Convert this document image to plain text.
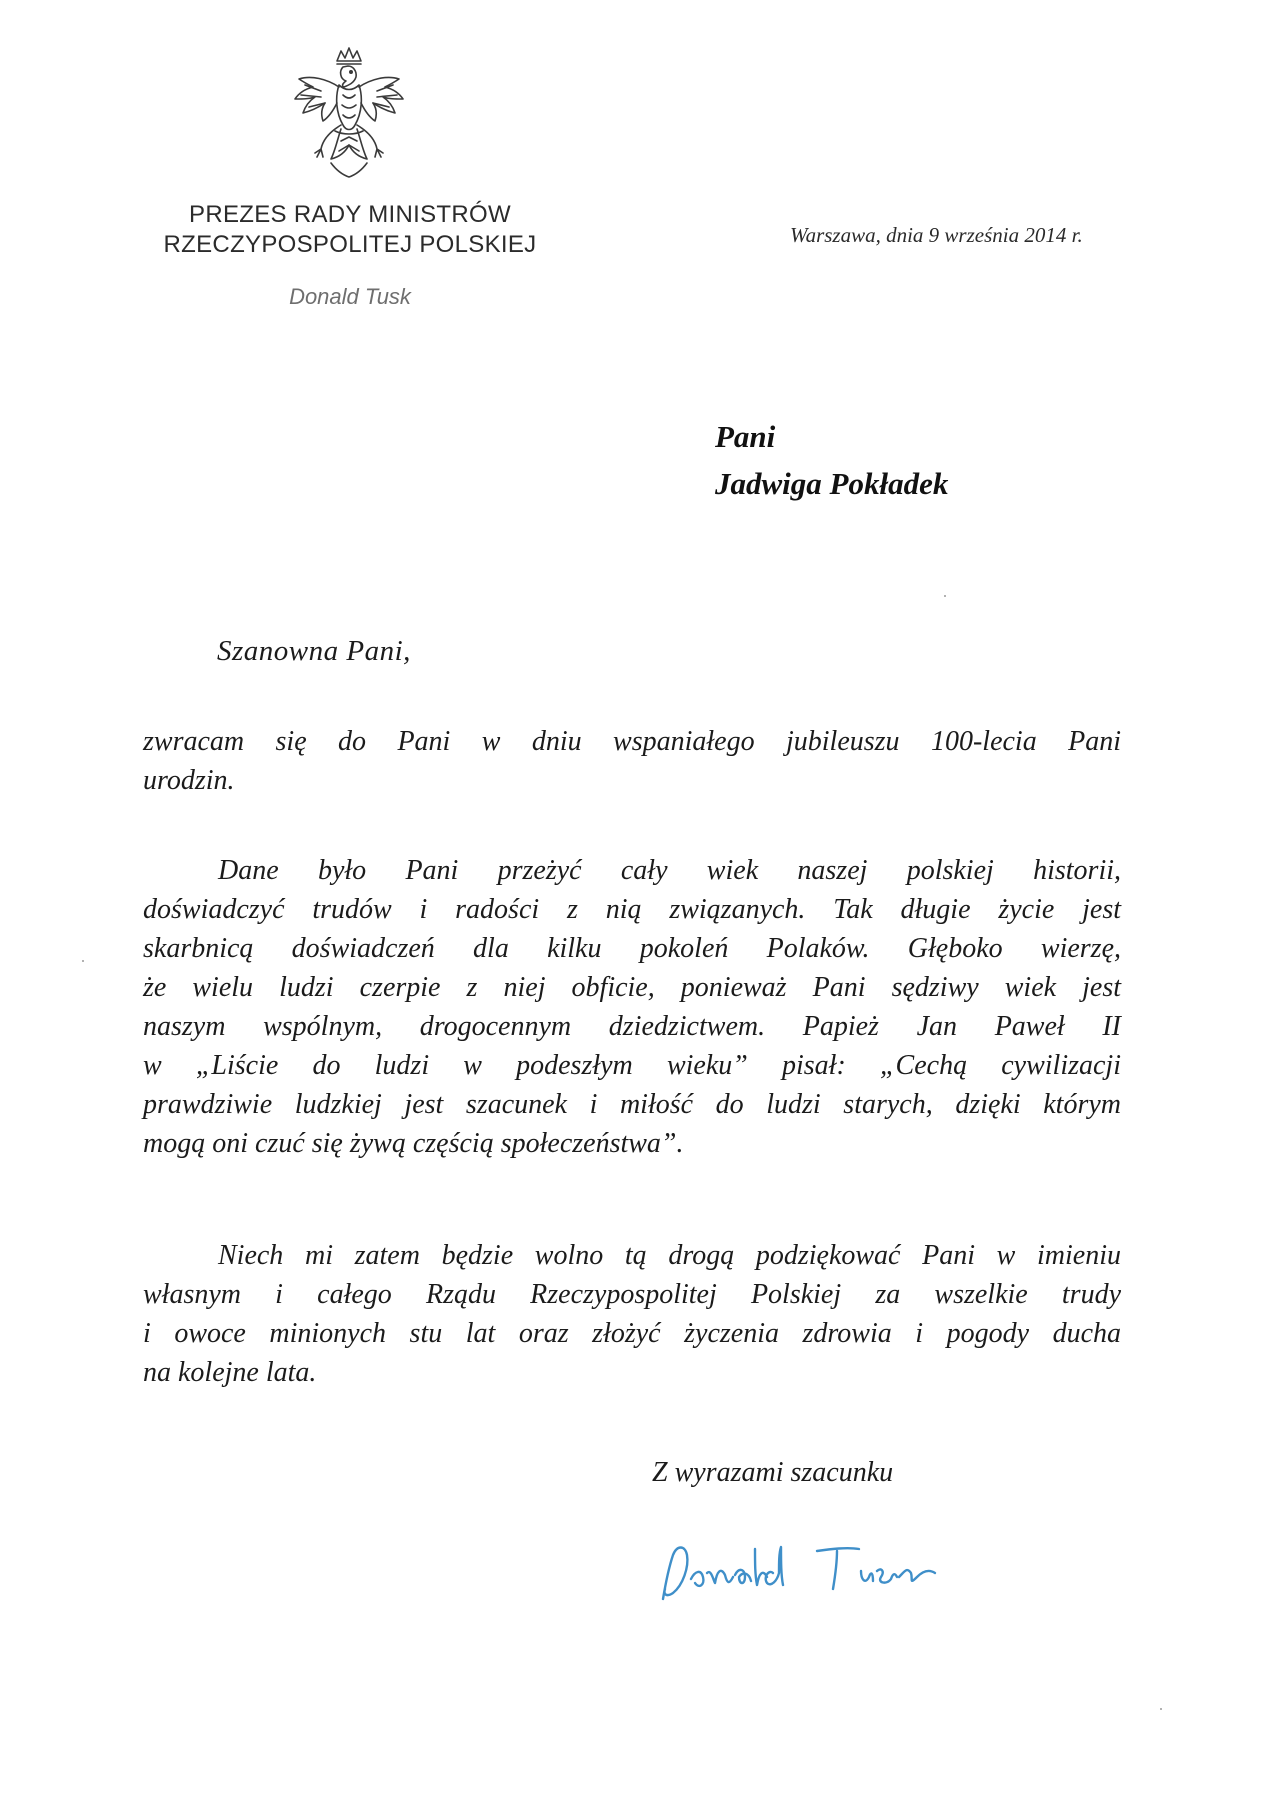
PREZES RADY MINISTRÓW
RZECZYPOSPOLITEJ POLSKIEJ
Donald Tusk
Warszawa, dnia 9 września 2014 r.
Pani
Jadwiga Pokładek
Szanowna Pani,
zwracam się do Pani w dniu wspaniałego jubileuszu 100-lecia Pani
urodzin.
Dane było Pani przeżyć cały wiek naszej polskiej historii,
doświadczyć trudów i radości z nią związanych. Tak długie życie jest
skarbnicą doświadczeń dla kilku pokoleń Polaków. Głęboko wierzę,
że wielu ludzi czerpie z niej obficie, ponieważ Pani sędziwy wiek jest
naszym wspólnym, drogocennym dziedzictwem. Papież Jan Paweł II
w „Liście do ludzi w podeszłym wieku” pisał: „Cechą cywilizacji
prawdziwie ludzkiej jest szacunek i miłość do ludzi starych, dzięki którym
mogą oni czuć się żywą częścią społeczeństwa”.
Niech mi zatem będzie wolno tą drogą podziękować Pani w imieniu
własnym i całego Rządu Rzeczypospolitej Polskiej za wszelkie trudy
i owoce minionych stu lat oraz złożyć życzenia zdrowia i pogody ducha
na kolejne lata.
Z wyrazami szacunku
